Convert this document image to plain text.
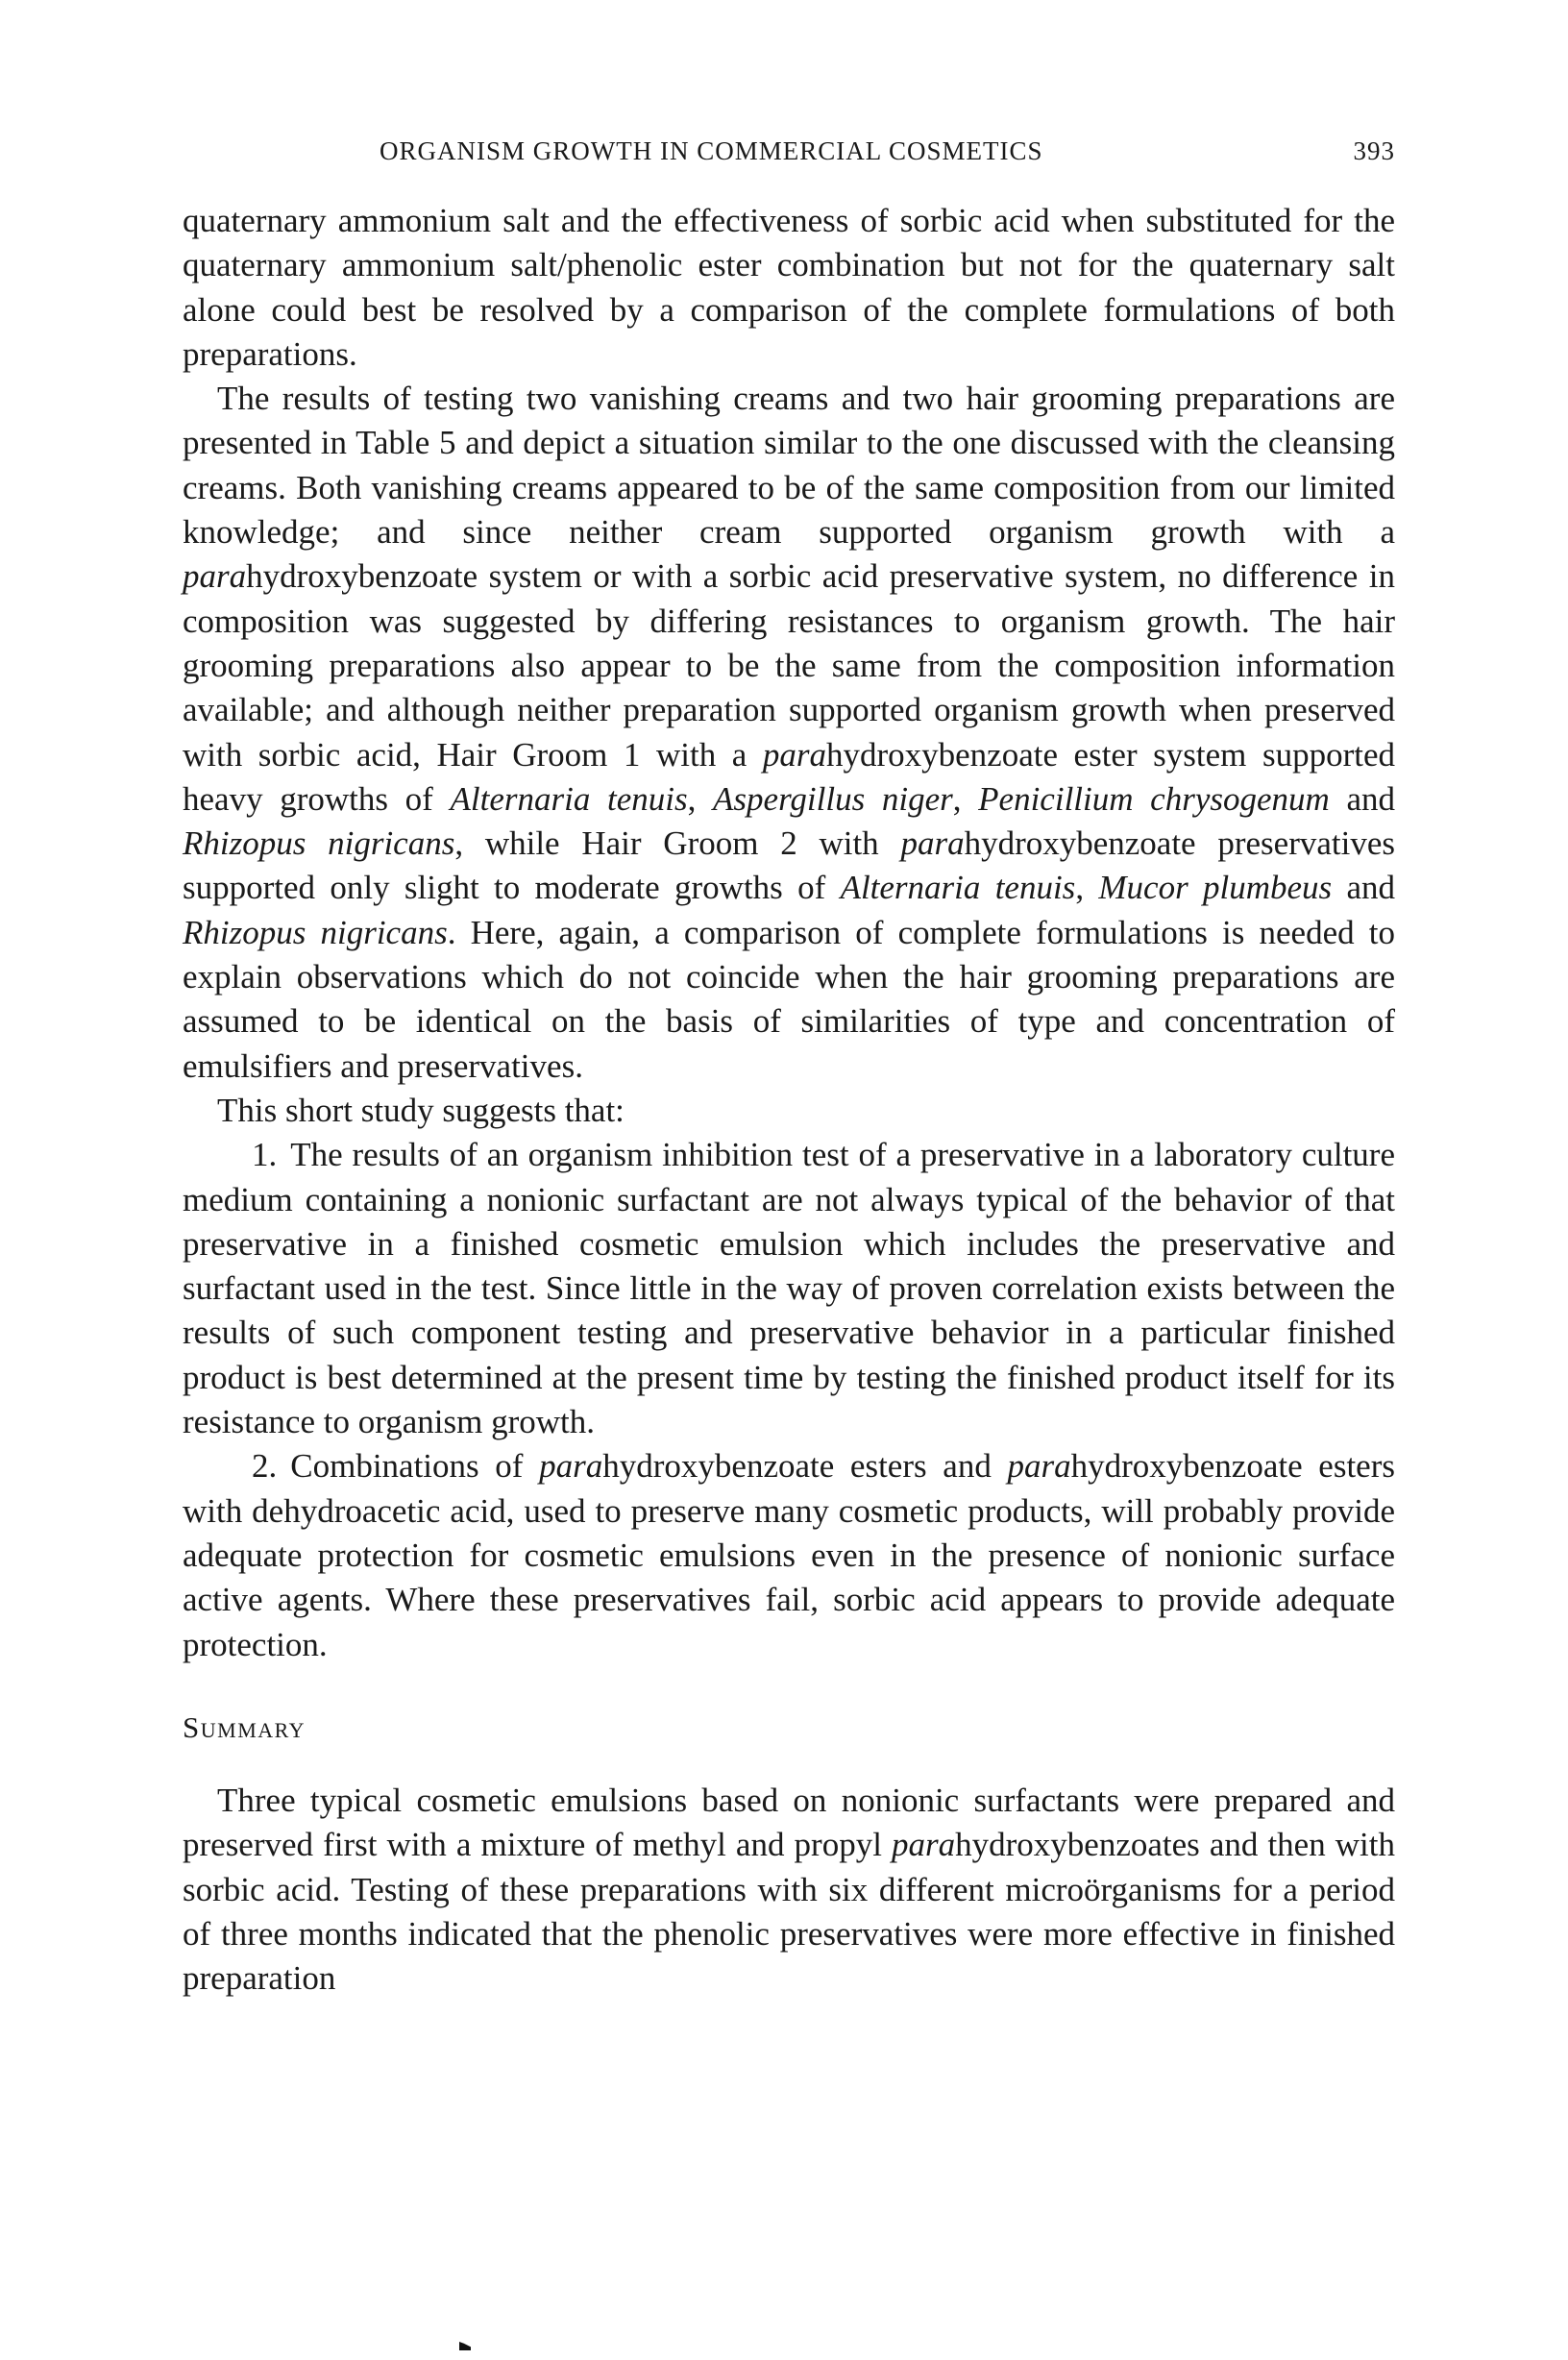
ORGANISM GROWTH IN COMMERCIAL COSMETICS	393

quaternary ammonium salt and the effectiveness of sorbic acid when substituted for the quaternary ammonium salt/phenolic ester combination but not for the quaternary salt alone could best be resolved by a comparison of the complete formulations of both preparations.

The results of testing two vanishing creams and two hair grooming preparations are presented in Table 5 and depict a situation similar to the one discussed with the cleansing creams. Both vanishing creams appeared to be of the same composition from our limited knowledge; and since neither cream supported organism growth with a parahydroxybenzoate system or with a sorbic acid preservative system, no difference in composition was suggested by differing resistances to organism growth. The hair grooming preparations also appear to be the same from the composition information available; and although neither preparation supported organism growth when preserved with sorbic acid, Hair Groom 1 with a parahydroxybenzoate ester system supported heavy growths of Alternaria tenuis, Aspergillus niger, Penicillium chrysogenum and Rhizopus nigricans, while Hair Groom 2 with parahydroxybenzoate preservatives supported only slight to moderate growths of Alternaria tenuis, Mucor plumbeus and Rhizopus nigricans. Here, again, a comparison of complete formulations is needed to explain observations which do not coincide when the hair grooming preparations are assumed to be identical on the basis of similarities of type and concentration of emulsifiers and preservatives.

This short study suggests that:

1. The results of an organism inhibition test of a preservative in a laboratory culture medium containing a nonionic surfactant are not always typical of the behavior of that preservative in a finished cosmetic emulsion which includes the preservative and surfactant used in the test. Since little in the way of proven correlation exists between the results of such component testing and preservative behavior in a particular finished product is best determined at the present time by testing the finished product itself for its resistance to organism growth.

2. Combinations of parahydroxybenzoate esters and parahydroxybenzoate esters with dehydroacetic acid, used to preserve many cosmetic products, will probably provide adequate protection for cosmetic emulsions even in the presence of nonionic surface active agents. Where these preservatives fail, sorbic acid appears to provide adequate protection.

Summary

Three typical cosmetic emulsions based on nonionic surfactants were prepared and preserved first with a mixture of methyl and propyl parahydroxybenzoates and then with sorbic acid. Testing of these preparations with six different microörganisms for a period of three months indicated that the phenolic preservatives were more effective in finished preparation
